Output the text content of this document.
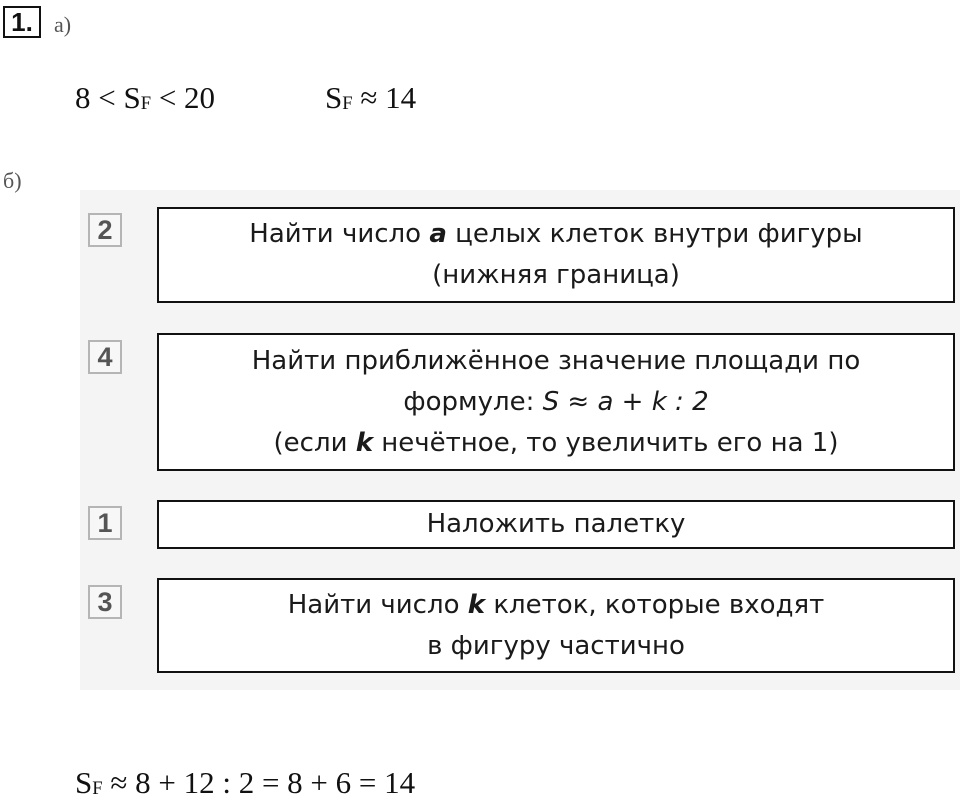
1. а)
$8 < S_F < 20$	$S_F \approx 14$
б)
2	Найти число a целых клеток внутри фигуры
(нижняя граница)
4	Найти приближённое значение площади по
формуле: S ≈ a + k : 2
(если k нечётное, то увеличить его на 1)
1	Наложить палетку
3	Найти число k клеток, которые входят
в фигуру частично
$S_F \approx 8 + 12$ : 2 = 8 + 6 = 14
